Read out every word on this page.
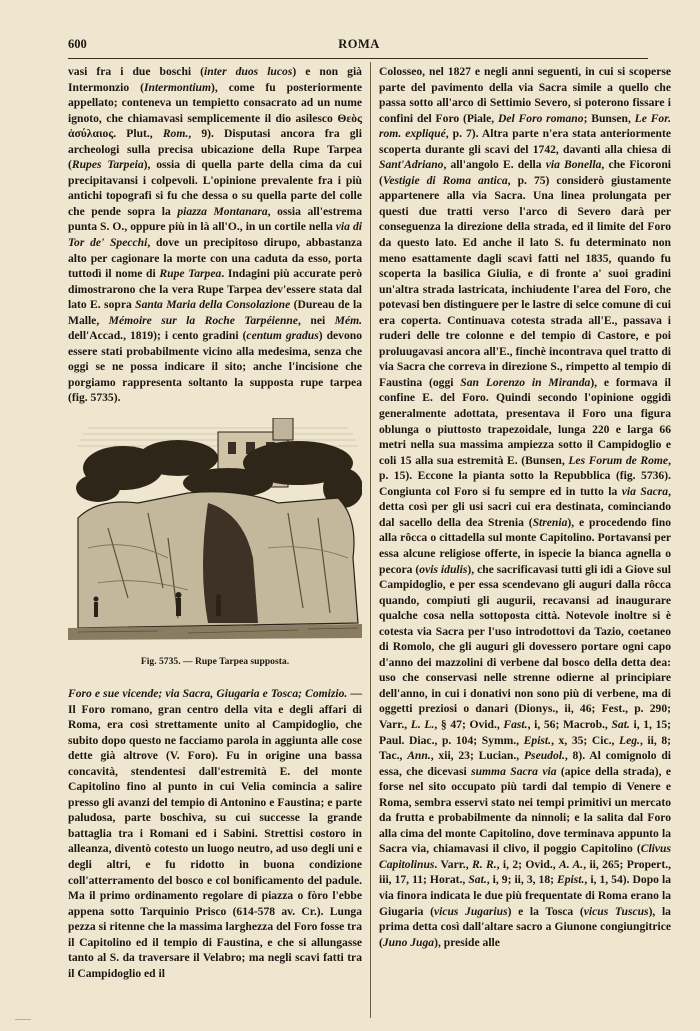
600	ROMA

vasi fra i due boschi (inter duos lucos) e non già Intermonzio (Intermontium), come fu posteriormente appellato; conteneva un tempietto consacrato ad un nume ignoto, che chiamavasi semplicemente il dio asilesco Θεὸς ἀσύλαιος. Plut., Rom., 9). Disputasi ancora fra gli archeologi sulla precisa ubicazione della Rupe Tarpea (Rupes Tarpeia), ossia di quella parte della cima da cui precipitavansi i colpevoli. L'opinione prevalente fra i più antichi topografi si fu che dessa o su quella parte del colle che pende sopra la piazza Montanara, ossia all'estrema punta S. O., oppure più in là all'O., in un cortile nella via di Tor de' Specchi, dove un precipitoso dirupo, abbastanza alto per cagionare la morte con una caduta da esso, porta tuttodì il nome di Rupe Tarpea. Indagini più accurate però dimostrarono che la vera Rupe Tarpea dev'essere stata dal lato E. sopra Santa Maria della Consolazione (Dureau de la Malle, Mémoire sur la Roche Tarpéienne, nei Mém. dell'Accad., 1819); i cento gradini (centum gradus) devono essere stati probabilmente vicino alla medesima, senza che oggi se ne possa indicare il sito; anche l'incisione che porgiamo rappresenta soltanto la supposta rupe tarpea (fig. 5735).

Fig. 5735. — Rupe Tarpea supposta.

Foro e sue vicende; via Sacra, Giugaria e Tosca; Comizio. — Il Foro romano, gran centro della vita e degli affari di Roma, era così strettamente unito al Campidoglio, che subito dopo questo ne facciamo parola in aggiunta alle cose dette già altrove (V. Foro). Fu in origine una bassa concavità, stendentesi dall'estremità E. del monte Capitolino fino al punto in cui Velia comincia a salire presso gli avanzi del tempio di Antonino e Faustina; e parte paludosa, parte boschiva, su cui successe la grande battaglia tra i Romani ed i Sabini. Strettisi costoro in alleanza, diventò cotesto un luogo neutro, ad uso degli uni e degli altri, e fu ridotto in buona condizione coll'atterramento del bosco e col bonificamento del padule. Ma il primo ordinamento regolare di piazza o fòro l'ebbe appena sotto Tarquinio Prisco (614-578 av. Cr.). Lunga pezza si ritenne che la massima larghezza del Foro fosse tra il Capitolino ed il tempio di Faustina, e che si allungasse tanto al S. da traversare il Velabro; ma negli scavi fatti tra il Campidoglio ed il

Colosseo, nel 1827 e negli anni seguenti, in cui si scoperse parte del pavimento della via Sacra simile a quello che passa sotto all'arco di Settimio Severo, si poterono fissare i confini del Foro (Piale, Del Foro romano; Bunsen, Le For. rom. expliqué, p. 7). Altra parte n'era stata anteriormente scoperta durante gli scavi del 1742, davanti alla chiesa di Sant'Adriano, all'angolo E. della via Bonella, che Ficoroni (Vestigie di Roma antica, p. 75) considerò giustamente appartenere alla via Sacra. Una linea prolungata per questi due tratti verso l'arco di Severo darà per conseguenza la direzione della strada, ed il limite del Foro da questo lato. Ed anche il lato S. fu determinato non meno esattamente dagli scavi fatti nel 1835, quando fu scoperta la basilica Giulia, e di fronte a' suoi gradini un'altra strada lastricata, inchiudente l'area del Foro, che potevasi ben distinguere per le lastre di selce comune di cui era coperta. Continuava cotesta strada all'E., passava i ruderi delle tre colonne e del tempio di Castore, e poi proluugavasi ancora all'E., finchè incontrava quel tratto di via Sacra che correva in direzione S., rimpetto al tempio di Faustina (oggi San Lorenzo in Miranda), e formava il confine E. del Foro. Quindi secondo l'opinione oggidì generalmente adottata, presentava il Foro una figura oblunga o piuttosto trapezoidale, lunga 220 e larga 66 metri nella sua massima ampiezza sotto il Campidoglio e coli 15 alla sua estremità E. (Bunsen, Les Forum de Rome, p. 15). Eccone la pianta sotto la Repubblica (fig. 5736). Congiunta col Foro si fu sempre ed in tutto la via Sacra, detta così per gli usi sacri cui era destinata, cominciando dal sacello della dea Strenia (Strenia), e procedendo fino alla rôcca o cittadella sul monte Capitolino. Portavansi per essa alcune religiose offerte, in ispecie la bianca agnella o pecora (ovis idulis), che sacrificavasi tutti gli idi a Giove sul Campidoglio, e per essa scendevano gli auguri dalla rôcca quando, compiuti gli augurii, recavansi ad inaugurare qualche cosa nella sottoposta città. Notevole inoltre si è cotesta via Sacra per l'uso introdottovi da Tazio, coetaneo di Romolo, che gli auguri gli dovessero portare ogni capo d'anno dei mazzolini di verbene dal bosco della detta dea: uso che conservasi nelle strenne odierne al principiare dell'anno, in cui i donativi non sono più di verbene, ma di oggetti preziosi o danari (Dionys., ii, 46; Fest., p. 290; Varr., L. L., § 47; Ovid., Fast., i, 56; Macrob., Sat. i, 1, 15; Paul. Diac., p. 104; Symm., Epist., x, 35; Cic., Leg., ii, 8; Tac., Ann., xii, 23; Lucian., Pseudol., 8). Al comignolo di essa, che dicevasi summa Sacra via (apice della strada), e forse nel sito occupato più tardi dal tempio di Venere e Roma, sembra esservi stato nei tempi primitivi un mercato da frutta e probabilmente da ninnoli; e la salita dal Foro alla cima del monte Capitolino, dove terminava appunto la Sacra via, chiamavasi il clivo, il poggio Capitolino (Clivus Capitolinus. Varr., R. R., i, 2; Ovid., A. A., ii, 265; Propert., iii, 17, 11; Horat., Sat., i, 9; ii, 3, 18; Epist., i, 1, 54). Dopo la via finora indicata le due più frequentate di Roma erano la Giugaria (vicus Jugarius) e la Tosca (vicus Tuscus), la prima detta così dall'altare sacro a Giunone congiungitrice (Juno Juga), preside alle
